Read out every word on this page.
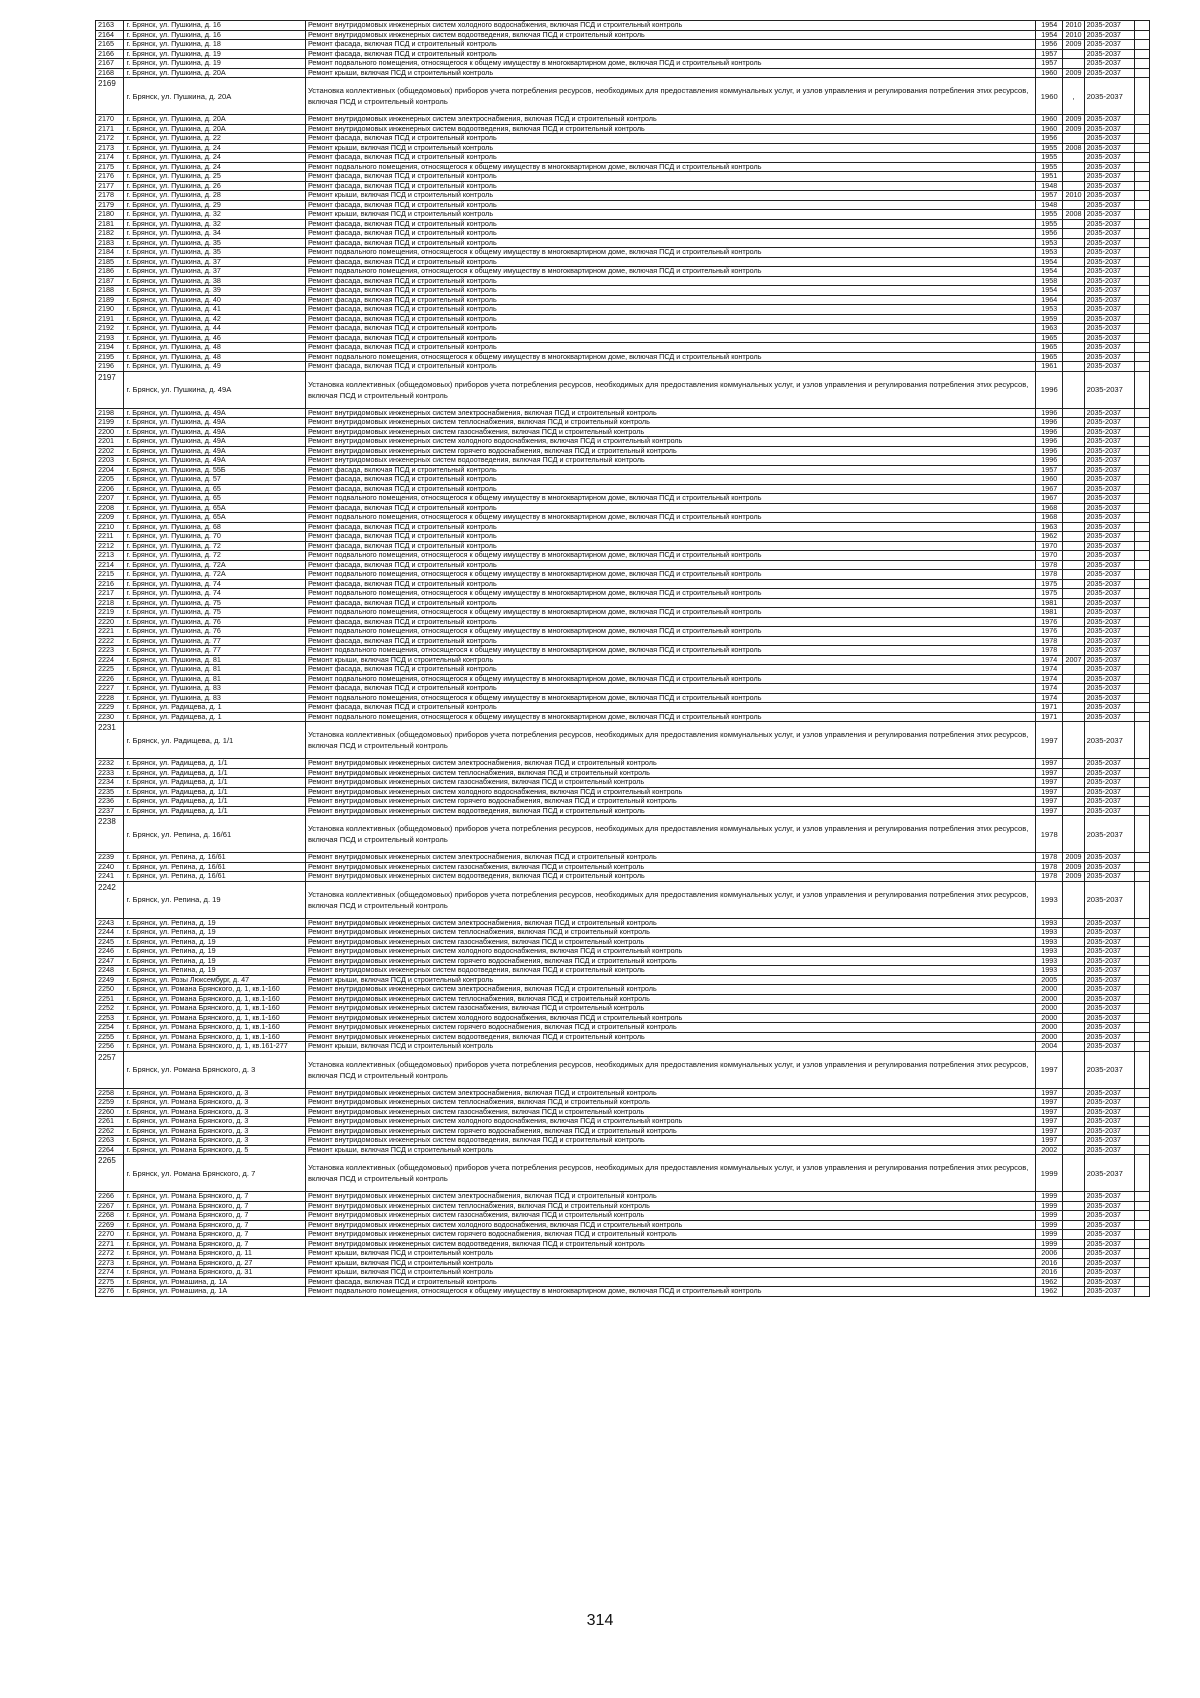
2163	г. Брянск, ул. Пушкина, д. 16	Ремонт внутридомовых инженерных систем холодного водоснабжения, включая ПСД и строительный контроль	1954	2010	2035-2037	
2164	г. Брянск, ул. Пушкина, д. 16	Ремонт внутридомовых инженерных систем водоотведения, включая ПСД и строительный контроль	1954	2010	2035-2037	
2165	г. Брянск, ул. Пушкина, д. 18	Ремонт фасада, включая ПСД и строительный контроль	1956	2009	2035-2037	
2166	г. Брянск, ул. Пушкина, д. 19	Ремонт фасада, включая ПСД и строительный контроль	1957		2035-2037	
2167	г. Брянск, ул. Пушкина, д. 19	Ремонт подвального помещения, относящегося к общему имуществу в многоквартирном доме, включая ПСД и строительный контроль	1957		2035-2037	
2168	г. Брянск, ул. Пушкина, д. 20А	Ремонт крыши, включая ПСД и строительный контроль	1960	2009	2035-2037	
2169	г. Брянск, ул. Пушкина, д. 20А	Установка коллективных (общедомовых) приборов учета потребления ресурсов, необходимых для предоставления коммунальных услуг, и узлов управления и регулирования потребления этих ресурсов, включая ПСД и строительный контроль	1960	,	2035-2037	
2170	г. Брянск, ул. Пушкина, д. 20А	Ремонт внутридомовых инженерных систем электроснабжения, включая ПСД и строительный контроль	1960	2009	2035-2037	
2171	г. Брянск, ул. Пушкина, д. 20А	Ремонт внутридомовых инженерных систем водоотведения, включая ПСД и строительный контроль	1960	2009	2035-2037	
2172	г. Брянск, ул. Пушкина, д. 22	Ремонт фасада, включая ПСД и строительный контроль	1956		2035-2037	
2173	г. Брянск, ул. Пушкина, д. 24	Ремонт крыши, включая ПСД и строительный контроль	1955	2008	2035-2037	
2174	г. Брянск, ул. Пушкина, д. 24	Ремонт фасада, включая ПСД и строительный контроль	1955		2035-2037	
2175	г. Брянск, ул. Пушкина, д. 24	Ремонт подвального помещения, относящегося к общему имуществу в многоквартирном доме, включая ПСД и строительный контроль	1955		2035-2037	
2176	г. Брянск, ул. Пушкина, д. 25	Ремонт фасада, включая ПСД и строительный контроль	1951		2035-2037	
2177	г. Брянск, ул. Пушкина, д. 26	Ремонт фасада, включая ПСД и строительный контроль	1948		2035-2037	
2178	г. Брянск, ул. Пушкина, д. 28	Ремонт крыши, включая ПСД и строительный контроль	1957	2010	2035-2037	
2179	г. Брянск, ул. Пушкина, д. 29	Ремонт фасада, включая ПСД и строительный контроль	1948		2035-2037	
2180	г. Брянск, ул. Пушкина, д. 32	Ремонт крыши, включая ПСД и строительный контроль	1955	2008	2035-2037	
2181	г. Брянск, ул. Пушкина, д. 32	Ремонт фасада, включая ПСД и строительный контроль	1955		2035-2037	
2182	г. Брянск, ул. Пушкина, д. 34	Ремонт фасада, включая ПСД и строительный контроль	1956		2035-2037	
2183	г. Брянск, ул. Пушкина, д. 35	Ремонт фасада, включая ПСД и строительный контроль	1953		2035-2037	
2184	г. Брянск, ул. Пушкина, д. 35	Ремонт подвального помещения, относящегося к общему имуществу в многоквартирном доме, включая ПСД и строительный контроль	1953		2035-2037	
2185	г. Брянск, ул. Пушкина, д. 37	Ремонт фасада, включая ПСД и строительный контроль	1954		2035-2037	
2186	г. Брянск, ул. Пушкина, д. 37	Ремонт подвального помещения, относящегося к общему имуществу в многоквартирном доме, включая ПСД и строительный контроль	1954		2035-2037	
2187	г. Брянск, ул. Пушкина, д. 38	Ремонт фасада, включая ПСД и строительный контроль	1958		2035-2037	
2188	г. Брянск, ул. Пушкина, д. 39	Ремонт фасада, включая ПСД и строительный контроль	1954		2035-2037	
2189	г. Брянск, ул. Пушкина, д. 40	Ремонт фасада, включая ПСД и строительный контроль	1964		2035-2037	
2190	г. Брянск, ул. Пушкина, д. 41	Ремонт фасада, включая ПСД и строительный контроль	1953		2035-2037	
2191	г. Брянск, ул. Пушкина, д. 42	Ремонт фасада, включая ПСД и строительный контроль	1959		2035-2037	
2192	г. Брянск, ул. Пушкина, д. 44	Ремонт фасада, включая ПСД и строительный контроль	1963		2035-2037	
2193	г. Брянск, ул. Пушкина, д. 46	Ремонт фасада, включая ПСД и строительный контроль	1965		2035-2037	
2194	г. Брянск, ул. Пушкина, д. 48	Ремонт фасада, включая ПСД и строительный контроль	1965		2035-2037	
2195	г. Брянск, ул. Пушкина, д. 48	Ремонт подвального помещения, относящегося к общему имуществу в многоквартирном доме, включая ПСД и строительный контроль	1965		2035-2037	
2196	г. Брянск, ул. Пушкина, д. 49	Ремонт фасада, включая ПСД и строительный контроль	1961		2035-2037	
2197	г. Брянск, ул. Пушкина, д. 49А	Установка коллективных (общедомовых) приборов учета потребления ресурсов, необходимых для предоставления коммунальных услуг, и узлов управления и регулирования потребления этих ресурсов, включая ПСД и строительный контроль	1996		2035-2037	
2198	г. Брянск, ул. Пушкина, д. 49А	Ремонт внутридомовых инженерных систем электроснабжения, включая ПСД и строительный контроль	1996		2035-2037	
2199	г. Брянск, ул. Пушкина, д. 49А	Ремонт внутридомовых инженерных систем теплоснабжения, включая ПСД и строительный контроль	1996		2035-2037	
2200	г. Брянск, ул. Пушкина, д. 49А	Ремонт внутридомовых инженерных систем газоснабжения, включая ПСД и строительный контроль	1996		2035-2037	
2201	г. Брянск, ул. Пушкина, д. 49А	Ремонт внутридомовых инженерных систем холодного водоснабжения, включая ПСД и строительный контроль	1996		2035-2037	
2202	г. Брянск, ул. Пушкина, д. 49А	Ремонт внутридомовых инженерных систем горячего водоснабжения, включая ПСД и строительный контроль	1996		2035-2037	
2203	г. Брянск, ул. Пушкина, д. 49А	Ремонт внутридомовых инженерных систем водоотведения, включая ПСД и строительный контроль	1996		2035-2037	
2204	г. Брянск, ул. Пушкина, д. 55Б	Ремонт фасада, включая ПСД и строительный контроль	1957		2035-2037	
2205	г. Брянск, ул. Пушкина, д. 57	Ремонт фасада, включая ПСД и строительный контроль	1960		2035-2037	
2206	г. Брянск, ул. Пушкина, д. 65	Ремонт фасада, включая ПСД и строительный контроль	1967		2035-2037	
2207	г. Брянск, ул. Пушкина, д. 65	Ремонт подвального помещения, относящегося к общему имуществу в многоквартирном доме, включая ПСД и строительный контроль	1967		2035-2037	
2208	г. Брянск, ул. Пушкина, д. 65А	Ремонт фасада, включая ПСД и строительный контроль	1968		2035-2037	
2209	г. Брянск, ул. Пушкина, д. 65А	Ремонт подвального помещения, относящегося к общему имуществу в многоквартирном доме, включая ПСД и строительный контроль	1968		2035-2037	
2210	г. Брянск, ул. Пушкина, д. 68	Ремонт фасада, включая ПСД и строительный контроль	1963		2035-2037	
2211	г. Брянск, ул. Пушкина, д. 70	Ремонт фасада, включая ПСД и строительный контроль	1962		2035-2037	
2212	г. Брянск, ул. Пушкина, д. 72	Ремонт фасада, включая ПСД и строительный контроль	1970		2035-2037	
2213	г. Брянск, ул. Пушкина, д. 72	Ремонт подвального помещения, относящегося к общему имуществу в многоквартирном доме, включая ПСД и строительный контроль	1970		2035-2037	
2214	г. Брянск, ул. Пушкина, д. 72А	Ремонт фасада, включая ПСД и строительный контроль	1978		2035-2037	
2215	г. Брянск, ул. Пушкина, д. 72А	Ремонт подвального помещения, относящегося к общему имуществу в многоквартирном доме, включая ПСД и строительный контроль	1978		2035-2037	
2216	г. Брянск, ул. Пушкина, д. 74	Ремонт фасада, включая ПСД и строительный контроль	1975		2035-2037	
2217	г. Брянск, ул. Пушкина, д. 74	Ремонт подвального помещения, относящегося к общему имуществу в многоквартирном доме, включая ПСД и строительный контроль	1975		2035-2037	
2218	г. Брянск, ул. Пушкина, д. 75	Ремонт фасада, включая ПСД и строительный контроль	1981		2035-2037	
2219	г. Брянск, ул. Пушкина, д. 75	Ремонт подвального помещения, относящегося к общему имуществу в многоквартирном доме, включая ПСД и строительный контроль	1981		2035-2037	
2220	г. Брянск, ул. Пушкина, д. 76	Ремонт фасада, включая ПСД и строительный контроль	1976		2035-2037	
2221	г. Брянск, ул. Пушкина, д. 76	Ремонт подвального помещения, относящегося к общему имуществу в многоквартирном доме, включая ПСД и строительный контроль	1976		2035-2037	
2222	г. Брянск, ул. Пушкина, д. 77	Ремонт фасада, включая ПСД и строительный контроль	1978		2035-2037	
2223	г. Брянск, ул. Пушкина, д. 77	Ремонт подвального помещения, относящегося к общему имуществу в многоквартирном доме, включая ПСД и строительный контроль	1978		2035-2037	
2224	г. Брянск, ул. Пушкина, д. 81	Ремонт крыши, включая ПСД и строительный контроль	1974	2007	2035-2037	
2225	г. Брянск, ул. Пушкина, д. 81	Ремонт фасада, включая ПСД и строительный контроль	1974		2035-2037	
2226	г. Брянск, ул. Пушкина, д. 81	Ремонт подвального помещения, относящегося к общему имуществу в многоквартирном доме, включая ПСД и строительный контроль	1974		2035-2037	
2227	г. Брянск, ул. Пушкина, д. 83	Ремонт фасада, включая ПСД и строительный контроль	1974		2035-2037	
2228	г. Брянск, ул. Пушкина, д. 83	Ремонт подвального помещения, относящегося к общему имуществу в многоквартирном доме, включая ПСД и строительный контроль	1974		2035-2037	
2229	г. Брянск, ул. Радищева, д. 1	Ремонт фасада, включая ПСД и строительный контроль	1971		2035-2037	
2230	г. Брянск, ул. Радищева, д. 1	Ремонт подвального помещения, относящегося к общему имуществу в многоквартирном доме, включая ПСД и строительный контроль	1971		2035-2037	
2231	г. Брянск, ул. Радищева, д. 1/1	Установка коллективных (общедомовых) приборов учета потребления ресурсов, необходимых для предоставления коммунальных услуг, и узлов управления и регулирования потребления этих ресурсов, включая ПСД и строительный контроль	1997		2035-2037	
2232	г. Брянск, ул. Радищева, д. 1/1	Ремонт внутридомовых инженерных систем электроснабжения, включая ПСД и строительный контроль	1997		2035-2037	
2233	г. Брянск, ул. Радищева, д. 1/1	Ремонт внутридомовых инженерных систем теплоснабжения, включая ПСД и строительный контроль	1997		2035-2037	
2234	г. Брянск, ул. Радищева, д. 1/1	Ремонт внутридомовых инженерных систем газоснабжения, включая ПСД и строительный контроль	1997		2035-2037	
2235	г. Брянск, ул. Радищева, д. 1/1	Ремонт внутридомовых инженерных систем холодного водоснабжения, включая ПСД и строительный контроль	1997		2035-2037	
2236	г. Брянск, ул. Радищева, д. 1/1	Ремонт внутридомовых инженерных систем горячего водоснабжения, включая ПСД и строительный контроль	1997		2035-2037	
2237	г. Брянск, ул. Радищева, д. 1/1	Ремонт внутридомовых инженерных систем водоотведения, включая ПСД и строительный контроль	1997		2035-2037	
2238	г. Брянск, ул. Репина, д. 16/61	Установка коллективных (общедомовых) приборов учета потребления ресурсов, необходимых для предоставления коммунальных услуг, и узлов управления и регулирования потребления этих ресурсов, включая ПСД и строительный контроль	1978		2035-2037	
2239	г. Брянск, ул. Репина, д. 16/61	Ремонт внутридомовых инженерных систем электроснабжения, включая ПСД и строительный контроль	1978	2009	2035-2037	
2240	г. Брянск, ул. Репина, д. 16/61	Ремонт внутридомовых инженерных систем газоснабжения, включая ПСД и строительный контроль	1978	2009	2035-2037	
2241	г. Брянск, ул. Репина, д. 16/61	Ремонт внутридомовых инженерных систем водоотведения, включая ПСД и строительный контроль	1978	2009	2035-2037	
2242	г. Брянск, ул. Репина, д. 19	Установка коллективных (общедомовых) приборов учета потребления ресурсов, необходимых для предоставления коммунальных услуг, и узлов управления и регулирования потребления этих ресурсов, включая ПСД и строительный контроль	1993		2035-2037	
2243	г. Брянск, ул. Репина, д. 19	Ремонт внутридомовых инженерных систем электроснабжения, включая ПСД и строительный контроль	1993		2035-2037	
2244	г. Брянск, ул. Репина, д. 19	Ремонт внутридомовых инженерных систем теплоснабжения, включая ПСД и строительный контроль	1993		2035-2037	
2245	г. Брянск, ул. Репина, д. 19	Ремонт внутридомовых инженерных систем газоснабжения, включая ПСД и строительный контроль	1993		2035-2037	
2246	г. Брянск, ул. Репина, д. 19	Ремонт внутридомовых инженерных систем холодного водоснабжения, включая ПСД и строительный контроль	1993		2035-2037	
2247	г. Брянск, ул. Репина, д. 19	Ремонт внутридомовых инженерных систем горячего водоснабжения, включая ПСД и строительный контроль	1993		2035-2037	
2248	г. Брянск, ул. Репина, д. 19	Ремонт внутридомовых инженерных систем водоотведения, включая ПСД и строительный контроль	1993		2035-2037	
2249	г. Брянск, ул. Розы Люксембург, д. 47	Ремонт крыши, включая ПСД и строительный контроль	2005		2035-2037	
2250	г. Брянск, ул. Романа Брянского, д. 1, кв.1-160	Ремонт внутридомовых инженерных систем электроснабжения, включая ПСД и строительный контроль	2000		2035-2037	
2251	г. Брянск, ул. Романа Брянского, д. 1, кв.1-160	Ремонт внутридомовых инженерных систем теплоснабжения, включая ПСД и строительный контроль	2000		2035-2037	
2252	г. Брянск, ул. Романа Брянского, д. 1, кв.1-160	Ремонт внутридомовых инженерных систем газоснабжения, включая ПСД и строительный контроль	2000		2035-2037	
2253	г. Брянск, ул. Романа Брянского, д. 1, кв.1-160	Ремонт внутридомовых инженерных систем холодного водоснабжения, включая ПСД и строительный контроль	2000		2035-2037	
2254	г. Брянск, ул. Романа Брянского, д. 1, кв.1-160	Ремонт внутридомовых инженерных систем горячего водоснабжения, включая ПСД и строительный контроль	2000		2035-2037	
2255	г. Брянск, ул. Романа Брянского, д. 1, кв.1-160	Ремонт внутридомовых инженерных систем водоотведения, включая ПСД и строительный контроль	2000		2035-2037	
2256	г. Брянск, ул. Романа Брянского, д. 1, кв.161-277	Ремонт крыши, включая ПСД и строительный контроль	2004		2035-2037	
2257	г. Брянск, ул. Романа Брянского, д. 3	Установка коллективных (общедомовых) приборов учета потребления ресурсов, необходимых для предоставления коммунальных услуг, и узлов управления и регулирования потребления этих ресурсов, включая ПСД и строительный контроль	1997		2035-2037	
2258	г. Брянск, ул. Романа Брянского, д. 3	Ремонт внутридомовых инженерных систем электроснабжения, включая ПСД и строительный контроль	1997		2035-2037	
2259	г. Брянск, ул. Романа Брянского, д. 3	Ремонт внутридомовых инженерных систем теплоснабжения, включая ПСД и строительный контроль	1997		2035-2037	
2260	г. Брянск, ул. Романа Брянского, д. 3	Ремонт внутридомовых инженерных систем газоснабжения, включая ПСД и строительный контроль	1997		2035-2037	
2261	г. Брянск, ул. Романа Брянского, д. 3	Ремонт внутридомовых инженерных систем холодного водоснабжения, включая ПСД и строительный контроль	1997		2035-2037	
2262	г. Брянск, ул. Романа Брянского, д. 3	Ремонт внутридомовых инженерных систем горячего водоснабжения, включая ПСД и строительный контроль	1997		2035-2037	
2263	г. Брянск, ул. Романа Брянского, д. 3	Ремонт внутридомовых инженерных систем водоотведения, включая ПСД и строительный контроль	1997		2035-2037	
2264	г. Брянск, ул. Романа Брянского, д. 5	Ремонт крыши, включая ПСД и строительный контроль	2002		2035-2037	
2265	г. Брянск, ул. Романа Брянского, д. 7	Установка коллективных (общедомовых) приборов учета потребления ресурсов, необходимых для предоставления коммунальных услуг, и узлов управления и регулирования потребления этих ресурсов, включая ПСД и строительный контроль	1999		2035-2037	
2266	г. Брянск, ул. Романа Брянского, д. 7	Ремонт внутридомовых инженерных систем электроснабжения, включая ПСД и строительный контроль	1999		2035-2037	
2267	г. Брянск, ул. Романа Брянского, д. 7	Ремонт внутридомовых инженерных систем теплоснабжения, включая ПСД и строительный контроль	1999		2035-2037	
2268	г. Брянск, ул. Романа Брянского, д. 7	Ремонт внутридомовых инженерных систем газоснабжения, включая ПСД и строительный контроль	1999		2035-2037	
2269	г. Брянск, ул. Романа Брянского, д. 7	Ремонт внутридомовых инженерных систем холодного водоснабжения, включая ПСД и строительный контроль	1999		2035-2037	
2270	г. Брянск, ул. Романа Брянского, д. 7	Ремонт внутридомовых инженерных систем горячего водоснабжения, включая ПСД и строительный контроль	1999		2035-2037	
2271	г. Брянск, ул. Романа Брянского, д. 7	Ремонт внутридомовых инженерных систем водоотведения, включая ПСД и строительный контроль	1999		2035-2037	
2272	г. Брянск, ул. Романа Брянского, д. 11	Ремонт крыши, включая ПСД и строительный контроль	2006		2035-2037	
2273	г. Брянск, ул. Романа Брянского, д. 27	Ремонт крыши, включая ПСД и строительный контроль	2016		2035-2037	
2274	г. Брянск, ул. Романа Брянского, д. 31	Ремонт крыши, включая ПСД и строительный контроль	2016		2035-2037	
2275	г. Брянск, ул. Ромашина, д. 1А	Ремонт фасада, включая ПСД и строительный контроль	1962		2035-2037	
2276	г. Брянск, ул. Ромашина, д. 1А	Ремонт подвального помещения, относящегося к общему имуществу в многоквартирном доме, включая ПСД и строительный контроль	1962		2035-2037	
314
